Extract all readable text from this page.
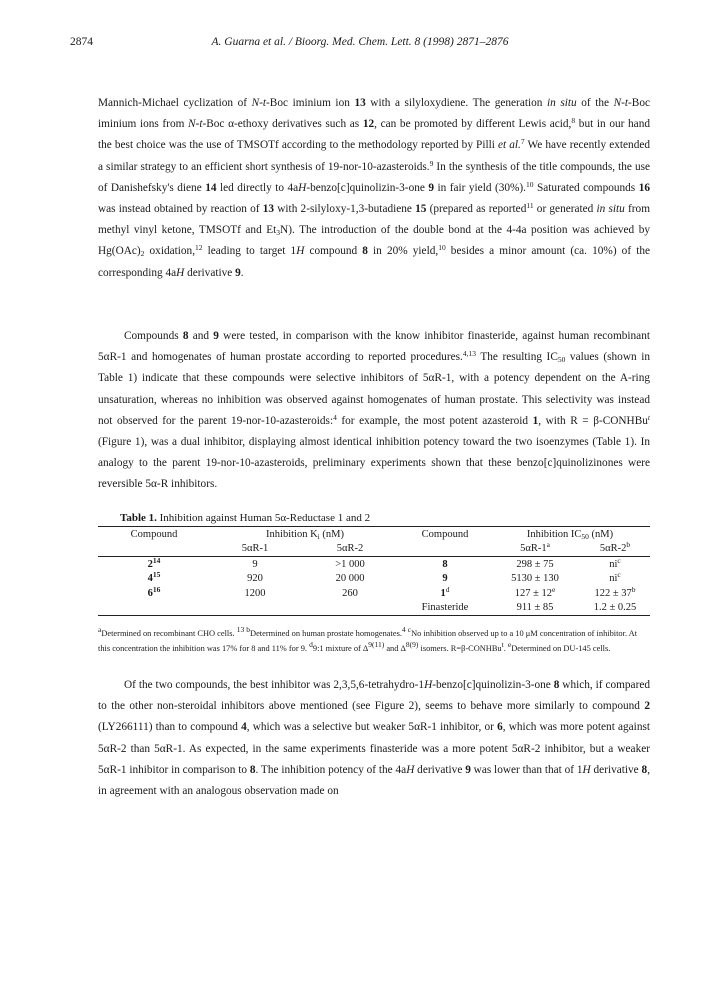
2874	A. Guarna et al. / Bioorg. Med. Chem. Lett. 8 (1998) 2871–2876

Mannich-Michael cyclization of N-t-Boc iminium ion 13 with a silyloxydiene. The generation in situ of the N-t-Boc iminium ions from N-t-Boc α-ethoxy derivatives such as 12, can be promoted by different Lewis acid,$^8$ but in our hand the best choice was the use of TMSOTf according to the methodology reported by Pilli et al.$^7$ We have recently extended a similar strategy to an efficient short synthesis of 19-nor-10-azasteroids.$^9$ In the synthesis of the title compounds, the use of Danishefsky's diene 14 led directly to 4aH-benzo[c]quinolizin-3-one 9 in fair yield (30%).$^{10}$ Saturated compounds 16 was instead obtained by reaction of 13 with 2-silyloxy-1,3-butadiene 15 (prepared as reported$^{11}$ or generated in situ from methyl vinyl ketone, TMSOTf and $Et_3N$). The introduction of the double bond at the 4-4a position was achieved by $Hg(OAc)_2$ oxidation,$^{12}$ leading to target 1H compound 8 in 20% yield,$^{10}$ besides a minor amount (ca. 10%) of the corresponding 4aH derivative 9.

Compounds 8 and 9 were tested, in comparison with the know inhibitor finasteride, against human recombinant 5αR-1 and homogenates of human prostate according to reported procedures.$^{4,13}$ The resulting $IC_{50}$ values (shown in Table 1) indicate that these compounds were selective inhibitors of 5αR-1, with a potency dependent on the A-ring unsaturation, whereas no inhibition was observed against homogenates of human prostate. This selectivity was instead not observed for the parent 19-nor-10-azasteroids:$^4$ for example, the most potent azasteroid 1, with R = β-CONHBu$^t$ (Figure 1), was a dual inhibitor, displaying almost identical inhibition potency toward the two isoenzymes (Table 1). In analogy to the parent 19-nor-10-azasteroids, preliminary experiments shown that these benzo[c]quinolizinones were reversible 5α-R inhibitors.

Table 1. Inhibition against Human 5α-Reductase 1 and 2
Compound	Inhibition $K_i$ (nM)		Compound	Inhibition $IC_{50}$ (nM)	
	5αR-1	5αR-2		5αR-1$^a$	5αR-2$^b$
$2^{14}$	9	>1 000	8	298 ± 75	$ni^c$
$4^{15}$	920	20 000	9	5130 ± 130	$ni^c$
$6^{16}$	1200	260	1$^d$	$127 \pm 12^e$	$122 \pm 37^b$
			Finasteride	911 ± 85	1.2 ± 0.25

$^a$Determined on recombinant CHO cells. $^{13}$ $^b$Determined on human prostate homogenates.$^4$ $^c$No inhibition observed up to a 10 μM concentration of inhibitor. At this concentration the inhibition was 17% for 8 and 11% for 9. $^d$9:1 mixture of $\Delta^{9(11)}$ and $\Delta^{8(9)}$ isomers. R=β-CONHBu$^t$. $^e$Determined on DU-145 cells.

Of the two compounds, the best inhibitor was 2,3,5,6-tetrahydro-1H-benzo[c]quinolizin-3-one 8 which, if compared to the other non-steroidal inhibitors above mentioned (see Figure 2), seems to behave more similarly to compound 2 (LY266111) than to compound 4, which was a selective but weaker 5αR-1 inhibitor, or 6, which was more potent against 5αR-2 than 5αR-1. As expected, in the same experiments finasteride was a more potent 5αR-2 inhibitor, but a weaker 5αR-1 inhibitor in comparison to 8. The inhibition potency of the 4aH derivative 9 was lower than that of 1H derivative 8, in agreement with an analogous observation made on
